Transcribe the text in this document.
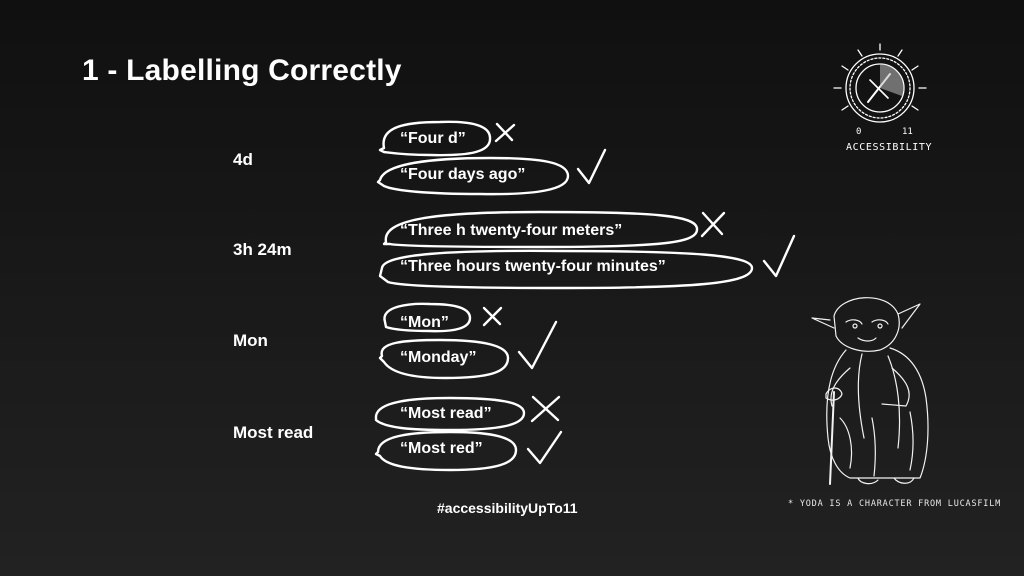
1 - Labelling Correctly
4d
3h 24m
Mon
Most read
“Four d”
“Four days ago”
“Three h twenty-four meters”
“Three hours twenty-four minutes”
“Mon”
“Monday”
“Most read”
“Most red”
#accessibilityUpTo11
0	11
ACCESSIBILITY
* YODA IS A CHARACTER FROM LUCASFILM
